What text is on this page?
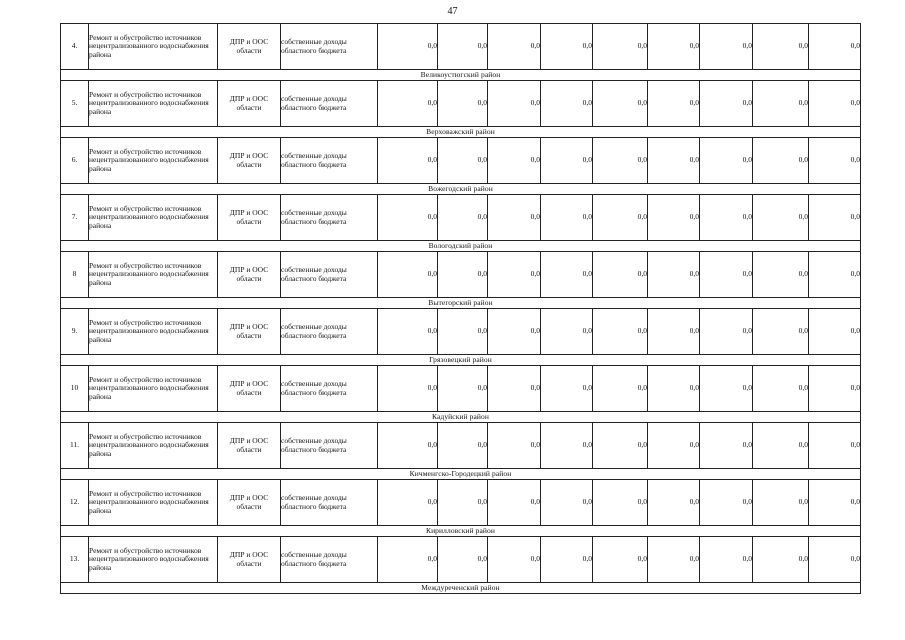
47
4.	Ремонт и обустройство источников нецентрализованного водоснабжения района	ДПР и ООС области	собственные доходы областного бюджета	0,0	0,0	0,0	0,0	0,0	0,0	0,0	0,0	0,0
Великоустюгский район												
5.	Ремонт и обустройство источников нецентрализованного водоснабжения района	ДПР и ООС области	собственные доходы областного бюджета	0,0	0,0	0,0	0,0	0,0	0,0	0,0	0,0	0,0
Верховажский район												
6.	Ремонт и обустройство источников нецентрализованного водоснабжения района	ДПР и ООС области	собственные доходы областного бюджета	0,0	0,0	0,0	0,0	0,0	0,0	0,0	0,0	0,0
Вожегодский район												
7.	Ремонт и обустройство источников нецентрализованного водоснабжения района	ДПР и ООС области	собственные доходы областного бюджета	0,0	0,0	0,0	0,0	0,0	0,0	0,0	0,0	0,0
Вологодский район												
8	Ремонт и обустройство источников нецентрализованного водоснабжения района	ДПР и ООС области	собственные доходы областного бюджета	0,0	0,0	0,0	0,0	0,0	0,0	0,0	0,0	0,0
Вытегорский район												
9.	Ремонт и обустройство источников нецентрализованного водоснабжения района	ДПР и ООС области	собственные доходы областного бюджета	0,0	0,0	0,0	0,0	0,0	0,0	0,0	0,0	0,0
Грязовецкий район												
10	Ремонт и обустройство источников нецентрализованного водоснабжения района	ДПР и ООС области	собственные доходы областного бюджета	0,0	0,0	0,0	0,0	0,0	0,0	0,0	0,0	0,0
Кадуйский район												
11.	Ремонт и обустройство источников нецентрализованного водоснабжения района	ДПР и ООС области	собственные доходы областного бюджета	0,0	0,0	0,0	0,0	0,0	0,0	0,0	0,0	0,0
Кичменгско-Городецкий район												
12.	Ремонт и обустройство источников нецентрализованного водоснабжения района	ДПР и ООС области	собственные доходы областного бюджета	0,0	0,0	0,0	0,0	0,0	0,0	0,0	0,0	0,0
Кирилловский район												
13.	Ремонт и обустройство источников нецентрализованного водоснабжения района	ДПР и ООС области	собственные доходы областного бюджета	0,0	0,0	0,0	0,0	0,0	0,0	0,0	0,0	0,0
Междуреченский район												
